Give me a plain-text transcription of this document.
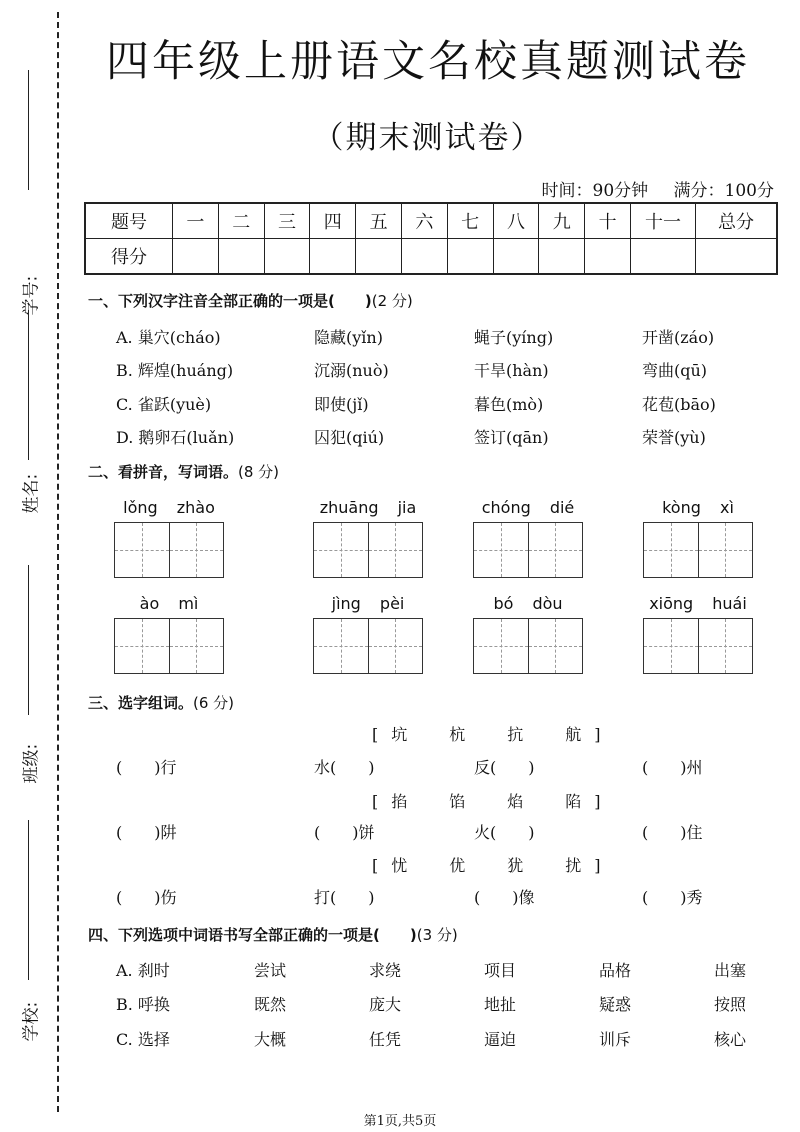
学号:
姓名:
班级:
学校:
四年级上册语文名校真题测试卷
（期末测试卷）
时间：90分钟 满分：100分
题号	一	二	三	四	五	六	七	八	九	十	十一	总分
得分												
一、下列汉字注音全部正确的一项是(　　)(2 分)
A. 巢穴(cháo)	隐藏(yǐn)	蝇子(yíng)	开凿(záo)
B. 辉煌(huáng)	沉溺(nuò)	干旱(hàn)	弯曲(qū)
C. 雀跃(yuè)	即使(jǐ)	暮色(mò)	花苞(bāo)
D. 鹅卵石(luǎn)	囚犯(qiú)	签订(qān)	荣誉(yù)
二、看拼音，写词语。(8 分)
lǒng zhào	zhuāng jia	chóng dié	kòng xì
ào mì	jìng pèi	bó dòu	xiōng huái
三、选字组词。(6 分)
[坑　杭　抗　航]
(　　)行	水(　　)	反(　　)	(　　)州
[掐　馅　焰　陷]
(　　)阱	(　　)饼	火(　　)	(　　)住
[忧　优　犹　扰]
(　　)伤	打(　　)	(　　)像	(　　)秀
四、下列选项中词语书写全部正确的一项是(　　)(3 分)
A. 刹时	尝试	求绕	项目	品格	出塞
B. 呼换	既然	庞大	地扯	疑惑	按照
C. 选择	大概	任凭	逼迫	训斥	核心
第1页,共5页
